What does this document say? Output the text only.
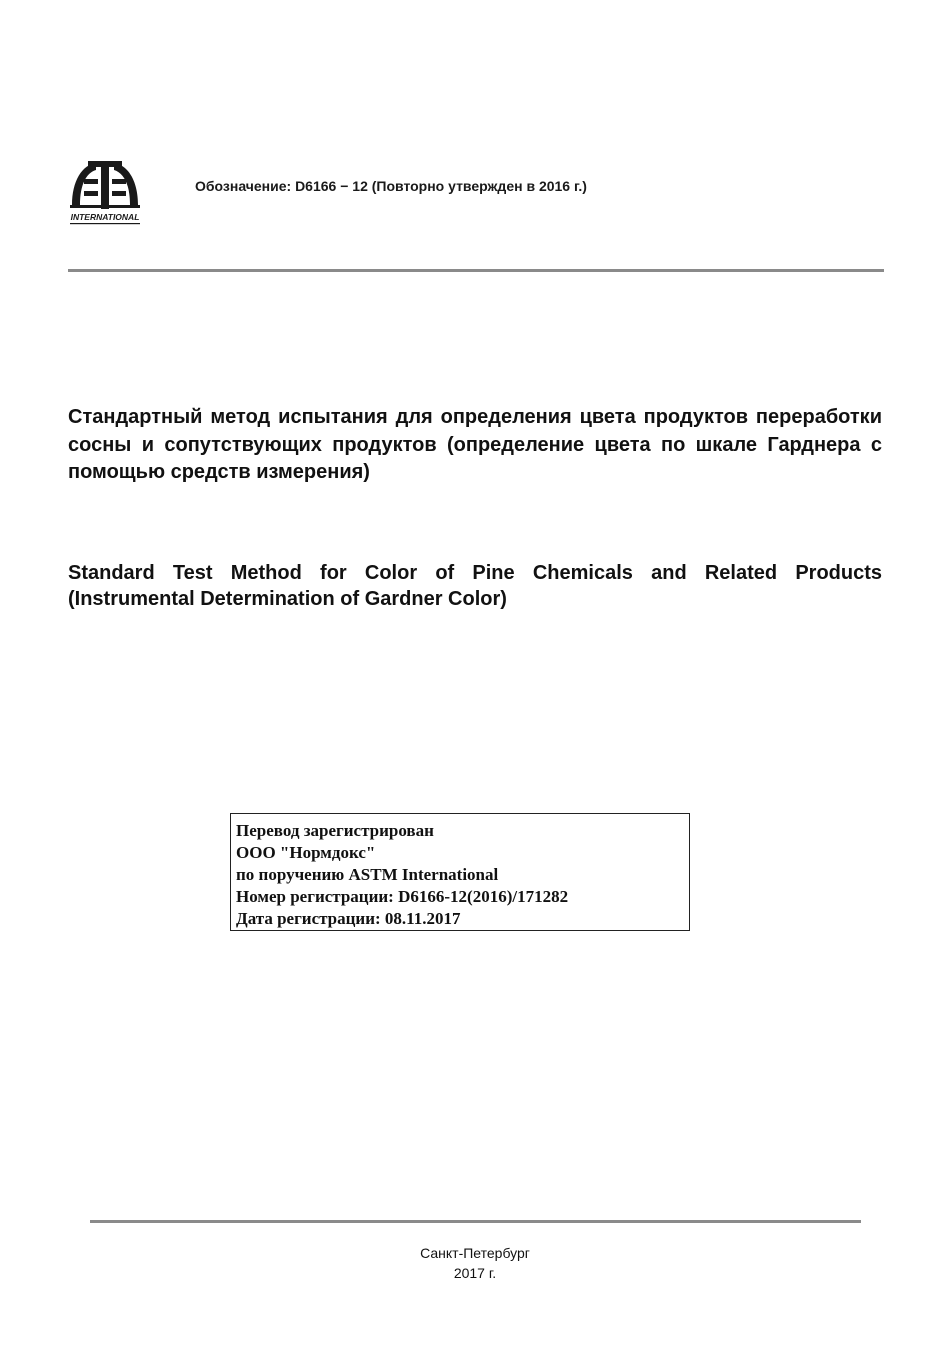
INTERNATIONAL
Обозначение: D6166 − 12 (Повторно утвержден в 2016 г.)
Стандартный метод испытания для определения цвета продуктов переработки сосны и сопутствующих продуктов (определение цвета по шкале Гарднера с помощью средств измерения)
Standard Test Method for Color of Pine Chemicals and Related Products (Instrumental Determination of Gardner Color)
Перевод зарегистрирован
ООО "Нормдокс"
по поручению ASTM International
Номер регистрации: D6166-12(2016)/171282
Дата регистрации: 08.11.2017
Санкт-Петербург
2017 г.
